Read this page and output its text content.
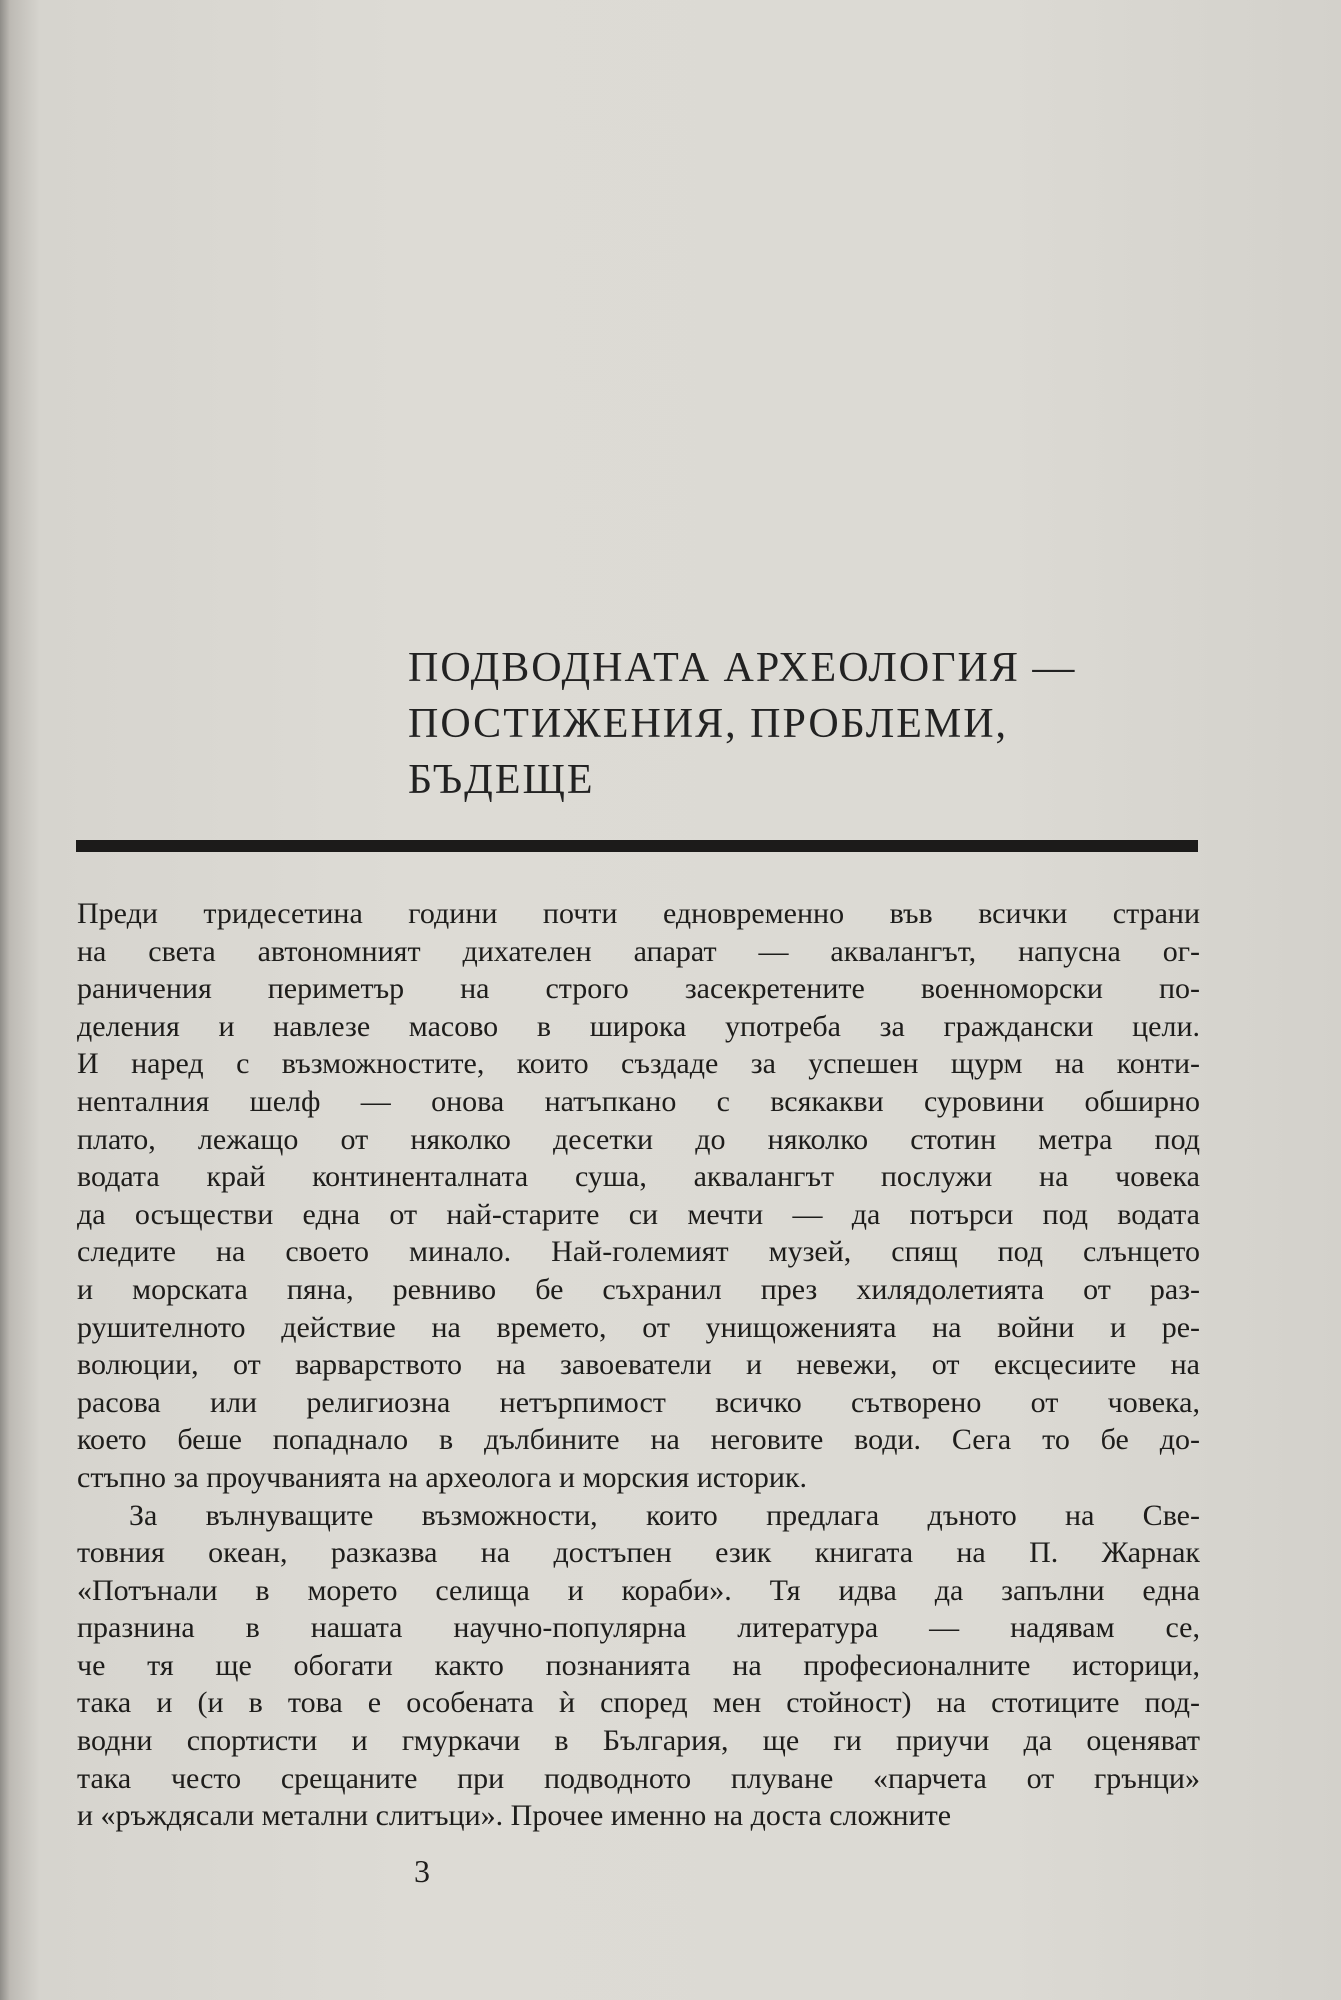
ПОДВОДНАТА АРХЕОЛОГИЯ —
ПОСТИЖЕНИЯ, ПРОБЛЕМИ,
БЪДЕЩЕ
Преди тридесетина години почти едновременно във всички страни
на света автономният дихателен апарат — аквалангът, напусна ог-
раничения периметър на строго засекретените военноморски по-
деления и навлезе масово в широка употреба за граждански цели.
И наред с възможностите, които създаде за успешен щурм на конти-
нenталния шелф — онова натъпкано с всякакви суровини обширно
плато, лежащо от няколко десетки до няколко стотин метра под
водата край континенталната суша, аквалангът послужи на човека
да осъществи една от най-старите си мечти — да потърси под водата
следите на своето минало. Най-големият музей, спящ под слънцето
и морската пяна, ревниво бе съхранил през хилядолетията от раз-
рушителното действие на времето, от унищоженията на войни и ре-
волюции, от варварството на завоеватели и невежи, от ексцесиите на
расова или религиозна нетърпимост всичко сътворено от човека,
което беше попаднало в дълбините на неговите води. Сега то бе до-
стъпно за проучванията на археолога и морския историк.
За вълнуващите възможности, които предлага дъното на Све-
товния океан, разказва на достъпен език книгата на П. Жарнак
«Потънали в морето селища и кораби». Тя идва да запълни една
празнина в нашата научно-популярна литература — надявам се,
че тя ще обогати както познанията на професионалните историци,
така и (и в това е особената ѝ според мен стойност) на стотиците под-
водни спортисти и гмуркачи в България, ще ги приучи да оценяват
така често срещаните при подводното плуване «парчета от грънци»
и «ръждясали метални слитъци». Прочее именно на доста сложните
3
